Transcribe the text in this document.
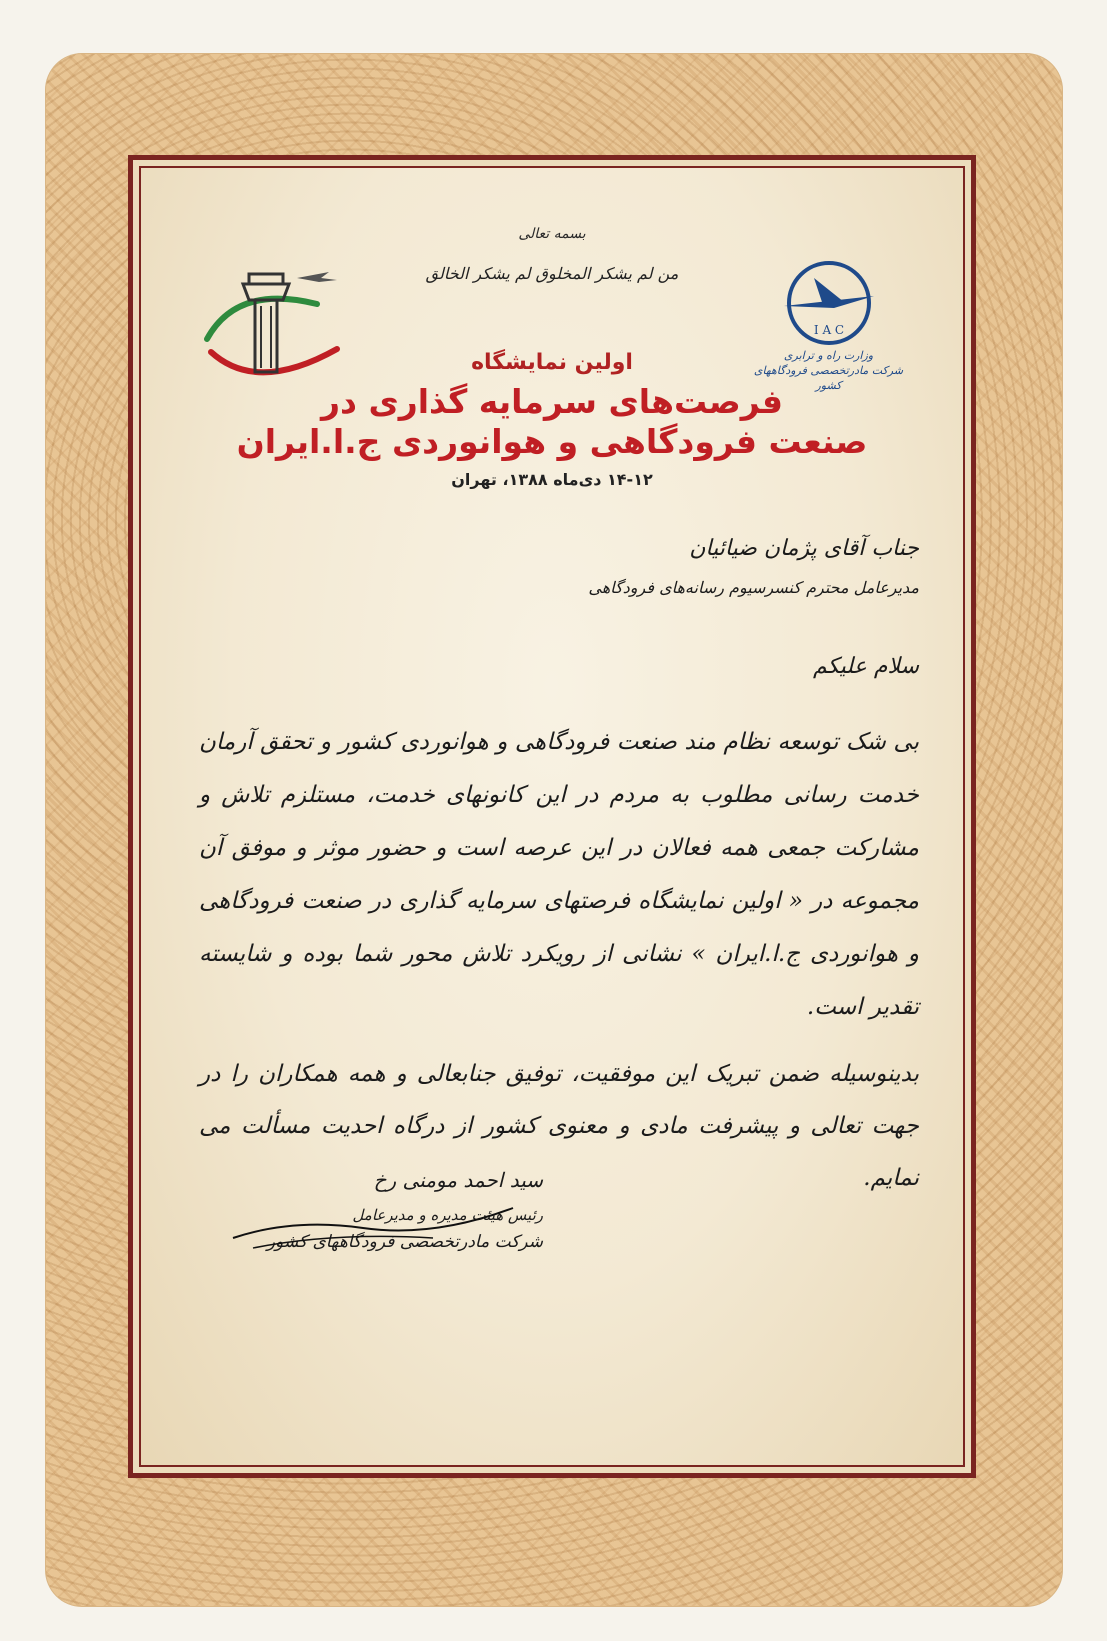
بسمه تعالی
من لم یشکر المخلوق لم یشکر الخالق
I A C
وزارت راه و ترابری
شرکت مادرتخصصی فرودگاههای کشور
اولین نمایشگاه
فرصت‌های سرمایه گذاری در
صنعت فرودگاهی و هوانوردی ج.ا.ایران
۱۴-۱۲ دی‌ماه ۱۳۸۸، تهران
جناب آقای پژمان ضیائیان
مدیرعامل محترم کنسرسیوم رسانه‌های فرودگاهی
سلام علیکم
بی شک توسعه نظام مند صنعت فرودگاهی و هوانوردی کشور و تحقق آرمان خدمت رسانی مطلوب به مردم در این کانونهای خدمت، مستلزم تلاش و مشارکت جمعی همه فعالان در این عرصه است و حضور موثر و موفق آن مجموعه در « اولین نمایشگاه فرصتهای سرمایه گذاری در صنعت فرودگاهی و هوانوردی ج.ا.ایران » نشانی از رویکرد تلاش محور شما بوده و شایسته تقدیر است.
بدینوسیله ضمن تبریک این موفقیت، توفیق جنابعالی و همه همکاران را در جهت تعالی و پیشرفت مادی و معنوی کشور از درگاه احدیت مسألت می نمایم.
سید احمد مومنی رخ
رئیس هیئت مدیره و مدیرعامل
شرکت مادرتخصصی فرودگاههای کشور
